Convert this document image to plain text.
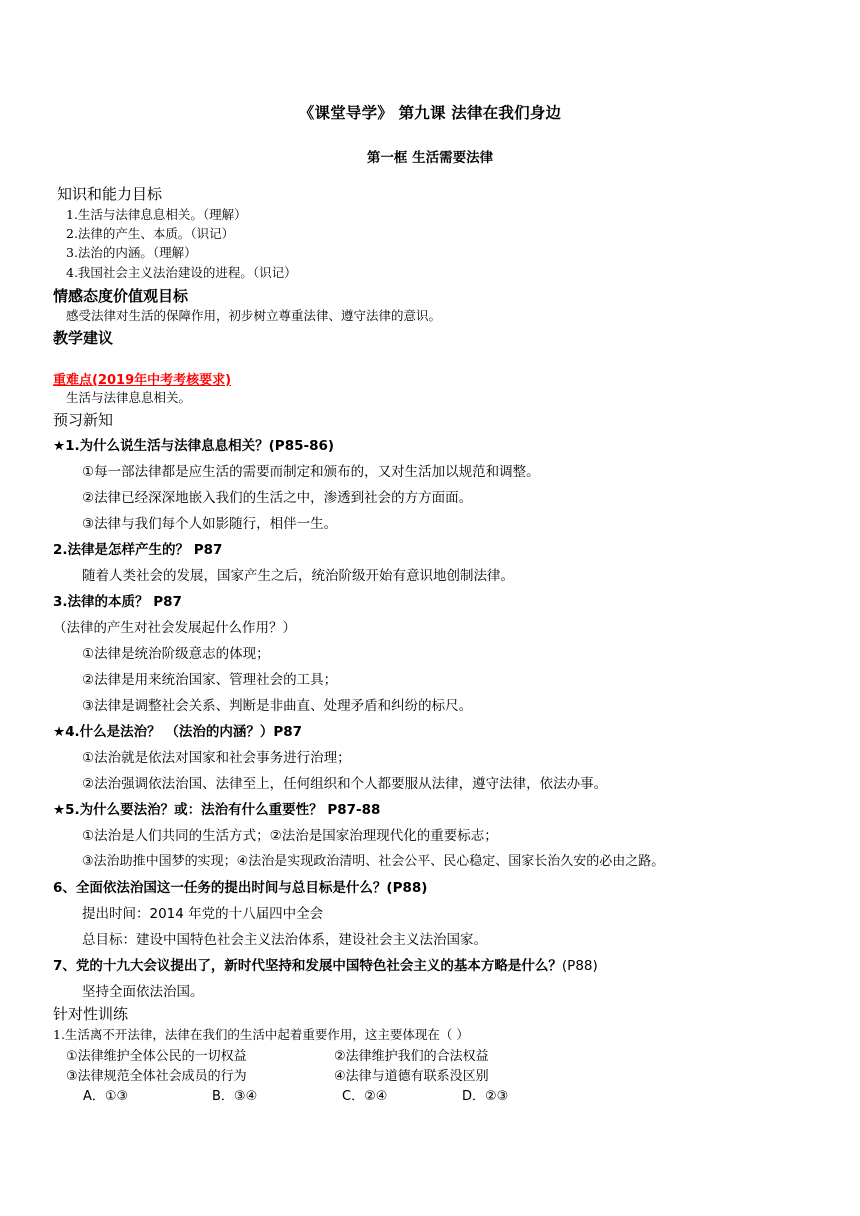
《课堂导学》 第九课 法律在我们身边
第一框 生活需要法律
知识和能力目标
1.生活与法律息息相关。（理解）
2.法律的产生、本质。（识记）
3.法治的内涵。（理解）
4.我国社会主义法治建设的进程。（识记）
情感态度价值观目标
感受法律对生活的保障作用，初步树立尊重法律、遵守法律的意识。
教学建议
重难点(2019年中考考核要求)
生活与法律息息相关。
预习新知
★1.为什么说生活与法律息息相关？(P85-86)
①每一部法律都是应生活的需要而制定和颁布的，又对生活加以规范和调整。
②法律已经深深地嵌入我们的生活之中，渗透到社会的方方面面。
③法律与我们每个人如影随行，相伴一生。
2.法律是怎样产生的？ P87
随着人类社会的发展，国家产生之后，统治阶级开始有意识地创制法律。
3.法律的本质？ P87
（法律的产生对社会发展起什么作用？）
①法律是统治阶级意志的体现；
②法律是用来统治国家、管理社会的工具；
③法律是调整社会关系、判断是非曲直、处理矛盾和纠纷的标尺。
★4.什么是法治？ （法治的内涵？）P87
①法治就是依法对国家和社会事务进行治理；
②法治强调依法治国、法律至上，任何组织和个人都要服从法律，遵守法律，依法办事。
★5.为什么要法治？或：法治有什么重要性？ P87-88
①法治是人们共同的生活方式；②法治是国家治理现代化的重要标志；
③法治助推中国梦的实现；④法治是实现政治清明、社会公平、民心稳定、国家长治久安的必由之路。
6、全面依法治国这一任务的提出时间与总目标是什么？(P88)
提出时间：2014 年党的十八届四中全会
总目标：建设中国特色社会主义法治体系，建设社会主义法治国家。
7、党的十九大会议提出了，新时代坚持和发展中国特色社会主义的基本方略是什么？(P88)
坚持全面依法治国。
针对性训练
1.生活离不开法律，法律在我们的生活中起着重要作用，这主要体现在（ ）
①法律维护全体公民的一切权益	②法律维护我们的合法权益
③法律规范全体社会成员的行为	④法律与道德有联系没区别
A．①③	B．③④	C．②④	D．②③
